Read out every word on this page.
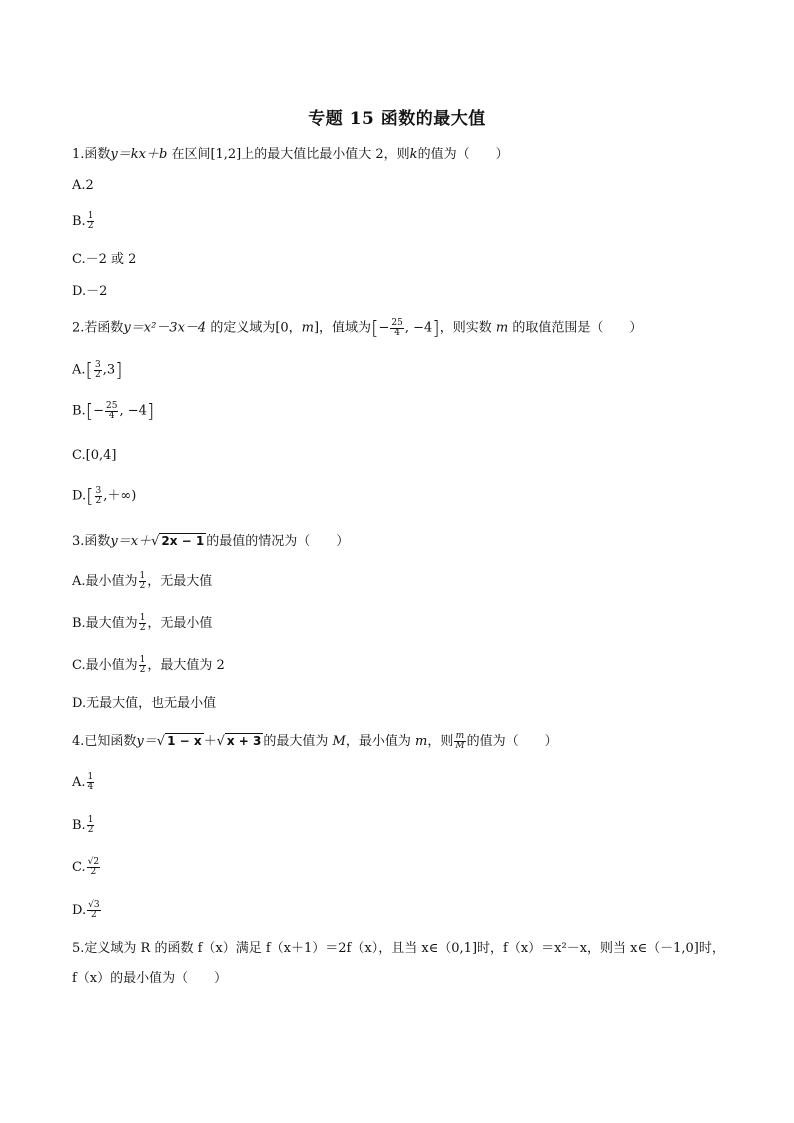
专题 15 函数的最大值
1.函数y＝kx＋b 在区间[1,2]上的最大值比最小值大 2，则k的值为（　　）
A.2
B. $\frac{1}{2}$
C.－2 或 2
D.－2
2.若函数y＝x²－3x－4 的定义域为[0，m]，值域为[− $\frac{25}{4}$ , −4]，则实数 m 的取值范围是（　　）
$A.[ \frac{3}{2} ,3]$
$B.[- \frac{25}{4}$ , −4]
C.[0,4]
$D.[ \frac{3}{2}$ ,＋∞)
3.函数y＝x＋√ 2x − 1 的最值的情况为（　　）
A.最小值为 $\frac{1}{2}$ ，无最大值
B.最大值为 $\frac{1}{2}$ ，无最小值
C.最小值为 $\frac{1}{2}$ ，最大值为 2
D.无最大值，也无最小值
4.已知函数y＝√ 1 − x ＋√ x + 3 的最大值为 M，最小值为 m，则 $\frac{m}{M}$ 的值为（　　）
A. $\frac{1}{4}$
B. $\frac{1}{2}$
C. $\frac{√2}{2}$
D. $\frac{√3}{2}$
5.定义域为 R 的函数 f（x）满足 f（x＋1）＝2f（x），且当 x∈（0,1]时，f（x）＝x²－x，则当 x∈（－1,0]时，
f（x）的最小值为（　　）
